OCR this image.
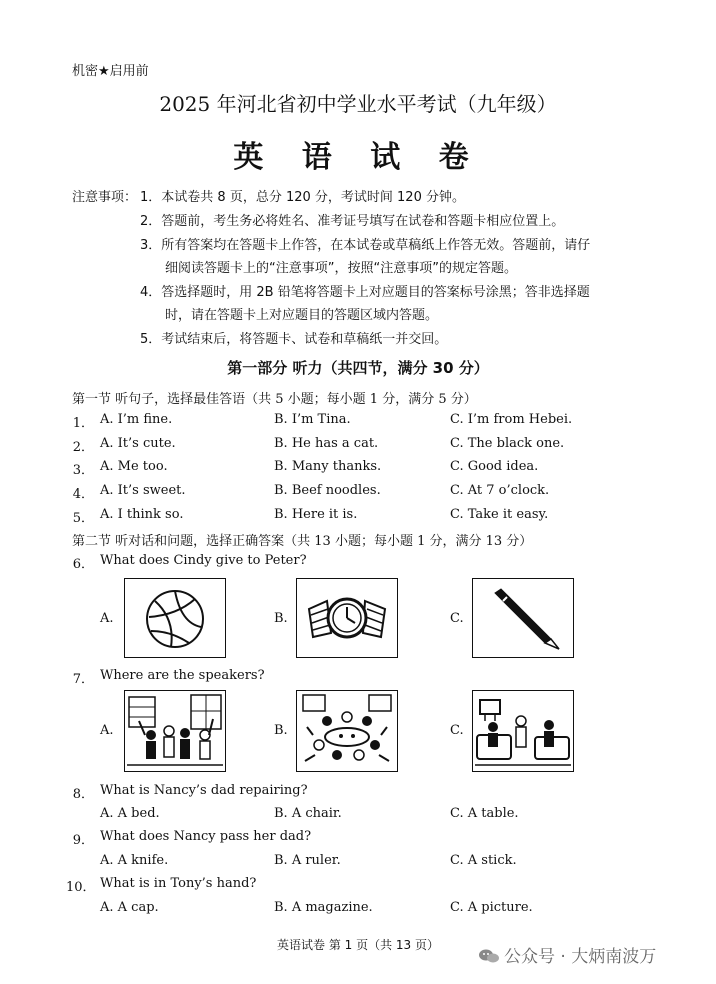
机密★启用前
2025 年河北省初中学业水平考试（九年级）
英 语 试 卷
注意事项： 1．本试卷共 8 页，总分 120 分，考试时间 120 分钟。
2．答题前，考生务必将姓名、准考证号填写在试卷和答题卡相应位置上。
3．所有答案均在答题卡上作答，在本试卷或草稿纸上作答无效。答题前，请仔
细阅读答题卡上的“注意事项”，按照“注意事项”的规定答题。
4．答选择题时，用 2B 铅笔将答题卡上对应题目的答案标号涂黑；答非选择题
时，请在答题卡上对应题目的答题区域内答题。
5．考试结束后，将答题卡、试卷和草稿纸一并交回。
第一部分 听力（共四节，满分 30 分）
第一节 听句子，选择最佳答语（共 5 小题；每小题 1 分，满分 5 分）
1． A. I’m fine.	B. I’m Tina.	C. I’m from Hebei.
2． A. It’s cute.	B. He has a cat.	C. The black one.
3． A. Me too.	B. Many thanks.	C. Good idea.
4． A. It’s sweet.	B. Beef noodles.	C. At 7 o’clock.
5． A. I think so.	B. Here it is.	C. Take it easy.
第二节 听对话和问题，选择正确答案（共 13 小题；每小题 1 分，满分 13 分）
6． What does Cindy give to Peter?
A.	B.	C.
7． Where are the speakers?
A.	B.	C.
8． What is Nancy’s dad repairing?
A. A bed.	B. A chair.	C. A table.
9． What does Nancy pass her dad?
A. A knife.	B. A ruler.	C. A stick.
10． What is in Tony’s hand?
A. A cap.	B. A magazine.	C. A picture.
英语试卷 第 1 页（共 13 页）
公众号 · 大炳南波万
